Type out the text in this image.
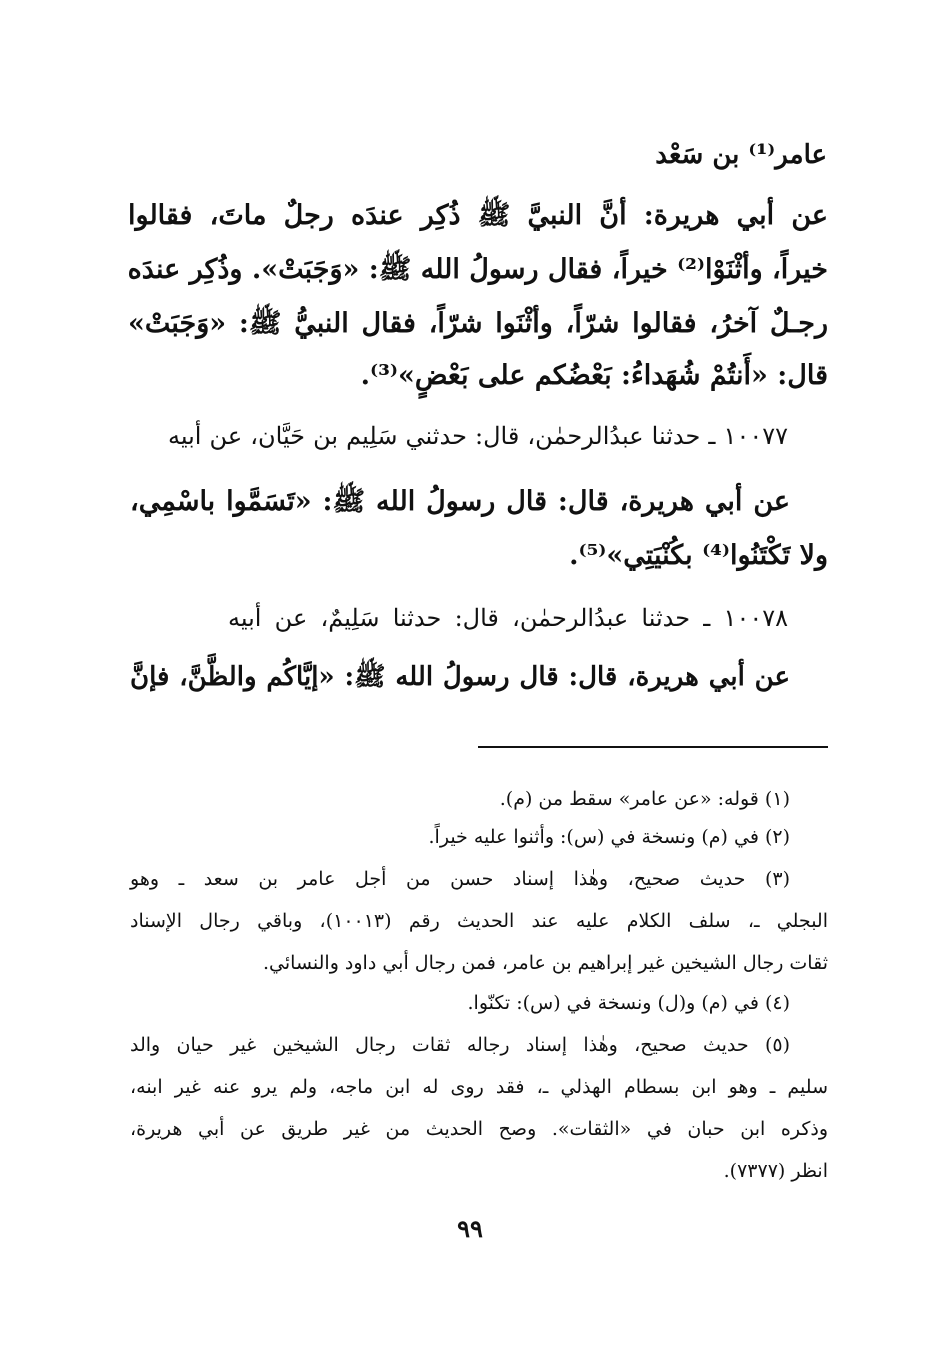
عامر⁽¹⁾ بن سَعْد
عن أبي هريرة: أنَّ النبيَّ ﷺ ذُكِر عندَه رجلٌ ماتَ، فقالوا
خيراً، وأثْنَوْا⁽²⁾ خيراً، فقال رسولُ الله ﷺ: «وَجَبَتْ». وذُكِر عندَه
رجـلٌ آخرُ، فقالوا شرّاً، وأثْنَوا شرّاً، فقال النبيُّ ﷺ: «وَجَبَتْ»
قال: «أَنتُمْ شُهَداءُ: بَعْضُكم على بَعْضٍ»⁽³⁾.
١٠٠٧٧ ـ حدثنا عبدُالرحمٰن، قال: حدثني سَلِيم بن حَيَّان، عن أبيه
عن أبي هريرة، قال: قال رسولُ الله ﷺ: «تَسَمَّوا باسْمِي،
ولا تَكْتَنُوا⁽⁴⁾ بكُنْيَتِي»⁽⁵⁾.
١٠٠٧٨ ـ حدثنا عبدُالرحمٰن، قال: حدثنا سَلِيمٌ، عن أبيه
عن أبي هريرة، قال: قال رسولُ الله ﷺ: «إيَّاكُم والظَّنَّ، فإنَّ
(١) قوله: «عن عامر» سقط من (م).
(٢) في (م) ونسخة في (س): وأثنوا عليه خيراً.
(٣) حديث صحيح، وهٰذا إسناد حسن من أجل عامر بن سعد ـ وهو
البجلي ـ، سلف الكلام عليه عند الحديث رقم (١٠٠١٣)، وباقي رجال الإسناد
ثقات رجال الشيخين غير إبراهيم بن عامر، فمن رجال أبي داود والنسائي.
(٤) في (م) و(ل) ونسخة في (س): تكنّوا.
(٥) حديث صحيح، وهٰذا إسناد رجاله ثقات رجال الشيخين غير حيان والد
سليم ـ وهو ابن بسطام الهذلي ـ، فقد روى له ابن ماجه، ولم يرو عنه غير ابنه،
وذكره ابن حبان في «الثقات». وصح الحديث من غير طريق عن أبي هريرة،
انظر (٧٣٧٧).
٩٩
